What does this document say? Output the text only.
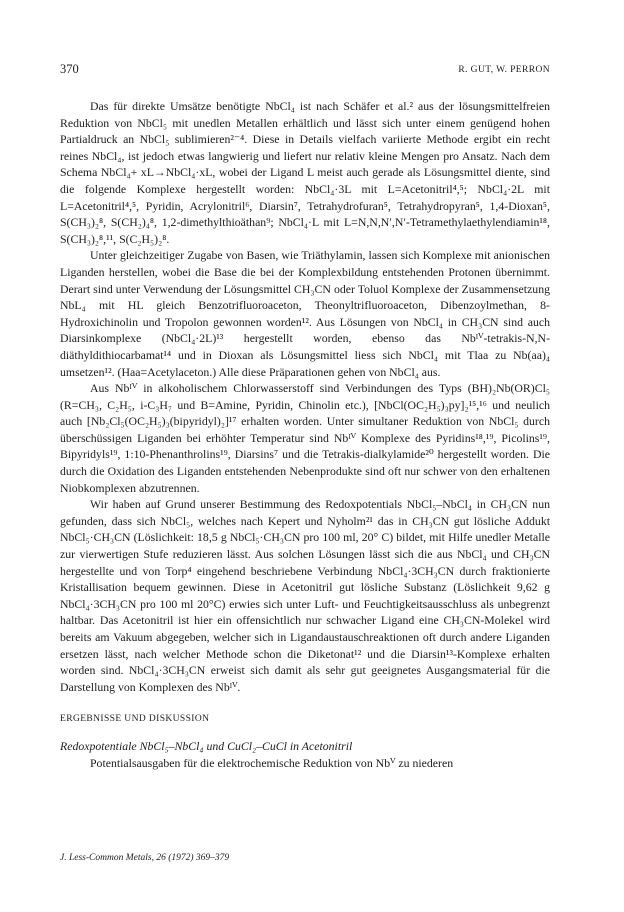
370	R. GUT, W. PERRON

Das für direkte Umsätze benötigte NbCl₄ ist nach Schäfer et al.² aus der lösungsmittelfreien Reduktion von NbCl₅ mit unedlen Metallen erhältlich und lässt sich unter einem genügend hohen Partialdruck an NbCl₅ sublimieren²⁻⁴. Diese in Details vielfach variierte Methode ergibt ein recht reines NbCl₄, ist jedoch etwas langwierig und liefert nur relativ kleine Mengen pro Ansatz. Nach dem Schema NbCl₄+ xL→NbCl₄·xL, wobei der Ligand L meist auch gerade als Lösungsmittel diente, sind die folgende Komplexe hergestellt worden: NbCl₄·3L mit L=Acetonitril⁴,⁵; NbCl₄·2L mit L=Acetonitril⁴,⁵, Pyridin, Acrylonitril⁶, Diarsin⁷, Tetrahydrofuran⁵, Tetrahydropyran⁵, 1,4-Dioxan⁵, S(CH₃)₂⁸, S(CH₂)₄⁸, 1,2-dimethylthioäthan⁹; NbCl₄·L mit L=N,N,N′,N′-Tetramethylaethylendiamin¹⁸, S(CH₃)₂⁸,¹¹, S(C₂H₅)₂⁸.

Unter gleichzeitiger Zugabe von Basen, wie Triäthylamin, lassen sich Komplexe mit anionischen Liganden herstellen, wobei die Base die bei der Komplexbildung entstehenden Protonen übernimmt. Derart sind unter Verwendung der Lösungsmittel CH₃CN oder Toluol Komplexe der Zusammensetzung NbL₄ mit HL gleich Benzotrifluoroaceton, Theonyltrifluoroaceton, Dibenzoylmethan, 8-Hydroxichinolin und Tropolon gewonnen worden¹². Aus Lösungen von NbCl₄ in CH₃CN sind auch Diarsinkomplexe (NbCl₄·2L)¹³ hergestellt worden, ebenso das Nbᴵⱽ-tetrakis-N,N-diäthyldithiocarbamat¹⁴ und in Dioxan als Lösungsmittel liess sich NbCl₄ mit Tlaa zu Nb(aa)₄ umsetzen¹². (Haa=Acetylaceton.) Alle diese Präparationen gehen von NbCl₄ aus.

Aus Nbᴵⱽ in alkoholischem Chlorwasserstoff sind Verbindungen des Typs (BH)₂Nb(OR)Cl₅ (R=CH₃, C₂H₅, i-C₃H₇ und B=Amine, Pyridin, Chinolin etc.), [NbCl(OC₂H₅)₃py]₂¹⁵,¹⁶ und neulich auch [Nb₂Cl₅(OC₂H₅)₃(bipyridyl)₂]¹⁷ erhalten worden. Unter simultaner Reduktion von NbCl₅ durch überschüssigen Liganden bei erhöhter Temperatur sind Nbᴵⱽ Komplexe des Pyridins¹⁸,¹⁹, Picolins¹⁹, Bipyridyls¹⁹, 1:10-Phenanthrolins¹⁹, Diarsins⁷ und die Tetrakis-dialkylamide²⁰ hergestellt worden. Die durch die Oxidation des Liganden entstehenden Nebenprodukte sind oft nur schwer von den erhaltenen Niobkomplexen abzutrennen.

Wir haben auf Grund unserer Bestimmung des Redoxpotentials NbCl₅–NbCl₄ in CH₃CN nun gefunden, dass sich NbCl₅, welches nach Kepert und Nyholm²¹ das in CH₃CN gut lösliche Addukt NbCl₅·CH₃CN (Löslichkeit: 18,5 g NbCl₅·CH₃CN pro 100 ml, 20° C) bildet, mit Hilfe unedler Metalle zur vierwertigen Stufe reduzieren lässt. Aus solchen Lösungen lässt sich die aus NbCl₄ und CH₃CN hergestellte und von Torp⁴ eingehend beschriebene Verbindung NbCl₄·3CH₃CN durch fraktionierte Kristallisation bequem gewinnen. Diese in Acetonitril gut lösliche Substanz (Löslichkeit 9,62 g NbCl₄·3CH₃CN pro 100 ml 20°C) erwies sich unter Luft- und Feuchtigkeitsausschluss als unbegrenzt haltbar. Das Acetonitril ist hier ein offensichtlich nur schwacher Ligand eine CH₃CN-Molekel wird bereits am Vakuum abgegeben, welcher sich in Ligandaustauschreaktionen oft durch andere Liganden ersetzen lässt, nach welcher Methode schon die Diketonat¹² und die Diarsin¹³-Komplexe erhalten worden sind. NbCl₄·3CH₃CN erweist sich damit als sehr gut geeignetes Ausgangsmaterial für die Darstellung von Komplexen des Nbᴵⱽ.

ERGEBNISSE UND DISKUSSION

Redoxpotentiale NbCl₅–NbCl₄ und CuCl₂–CuCl in Acetonitril

Potentialsausgaben für die elektrochemische Reduktion von Nbⱽ zu niederen

J. Less-Common Metals, 26 (1972) 369–379
